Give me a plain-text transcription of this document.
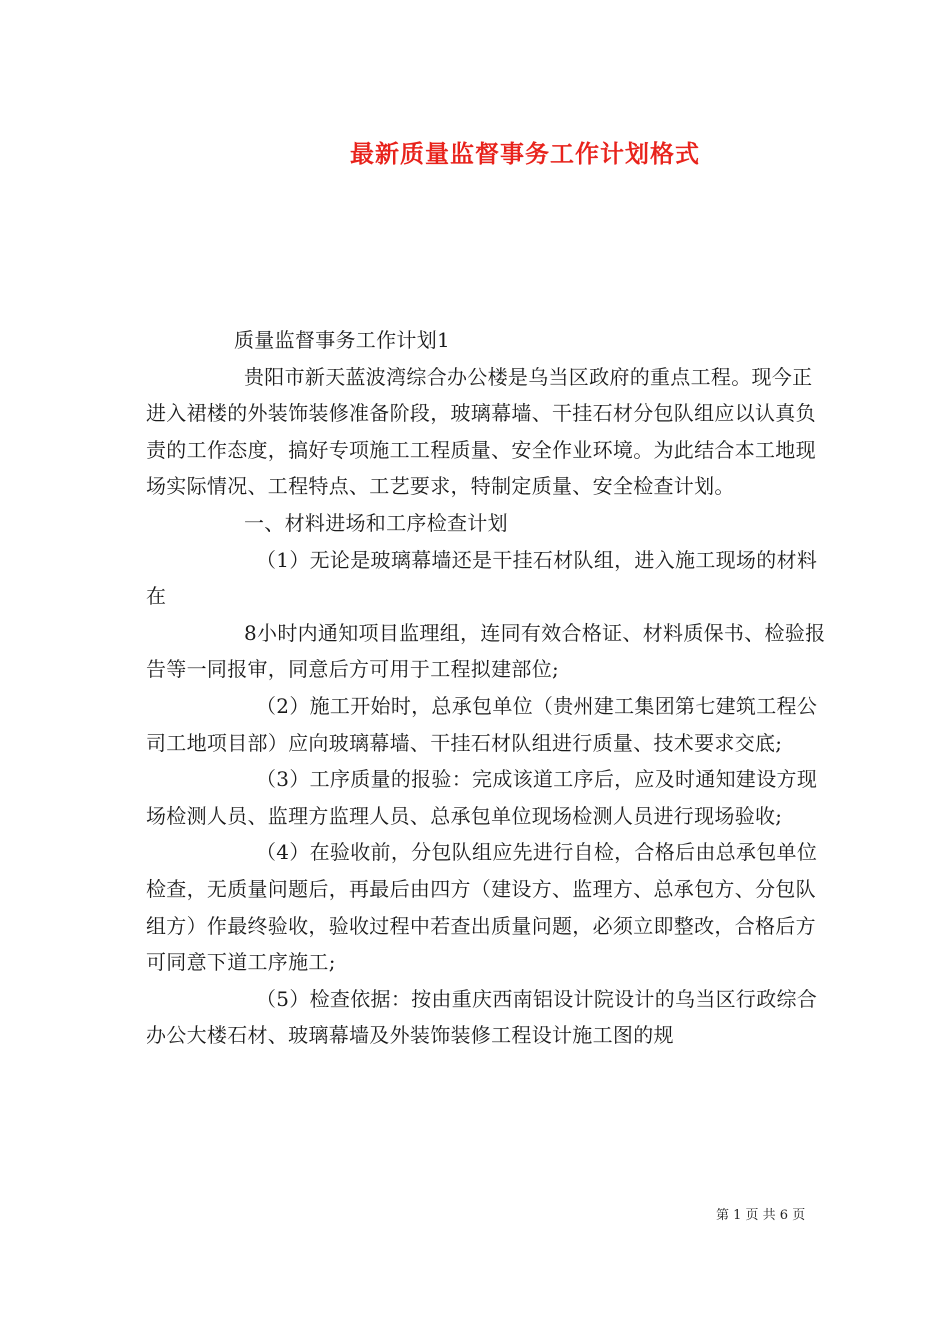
最新质量监督事务工作计划格式

质量监督事务工作计划1

贵阳市新天蓝波湾综合办公楼是乌当区政府的重点工程。现今正进入裙楼的外装饰装修准备阶段，玻璃幕墙、干挂石材分包队组应以认真负责的工作态度，搞好专项施工工程质量、安全作业环境。为此结合本工地现场实际情况、工程特点、工艺要求，特制定质量、安全检查计划。

一、材料进场和工序检查计划

（1）无论是玻璃幕墙还是干挂石材队组，进入施工现场的材料在

8小时内通知项目监理组，连同有效合格证、材料质保书、检验报告等一同报审，同意后方可用于工程拟建部位;

（2）施工开始时，总承包单位（贵州建工集团第七建筑工程公司工地项目部）应向玻璃幕墙、干挂石材队组进行质量、技术要求交底;

（3）工序质量的报验：完成该道工序后，应及时通知建设方现场检测人员、监理方监理人员、总承包单位现场检测人员进行现场验收;

（4）在验收前，分包队组应先进行自检，合格后由总承包单位检查，无质量问题后，再最后由四方（建设方、监理方、总承包方、分包队组方）作最终验收，验收过程中若查出质量问题，必须立即整改，合格后方可同意下道工序施工;

（5）检查依据：按由重庆西南铝设计院设计的乌当区行政综合办公大楼石材、玻璃幕墙及外装饰装修工程设计施工图的规

第 1 页 共 6 页
